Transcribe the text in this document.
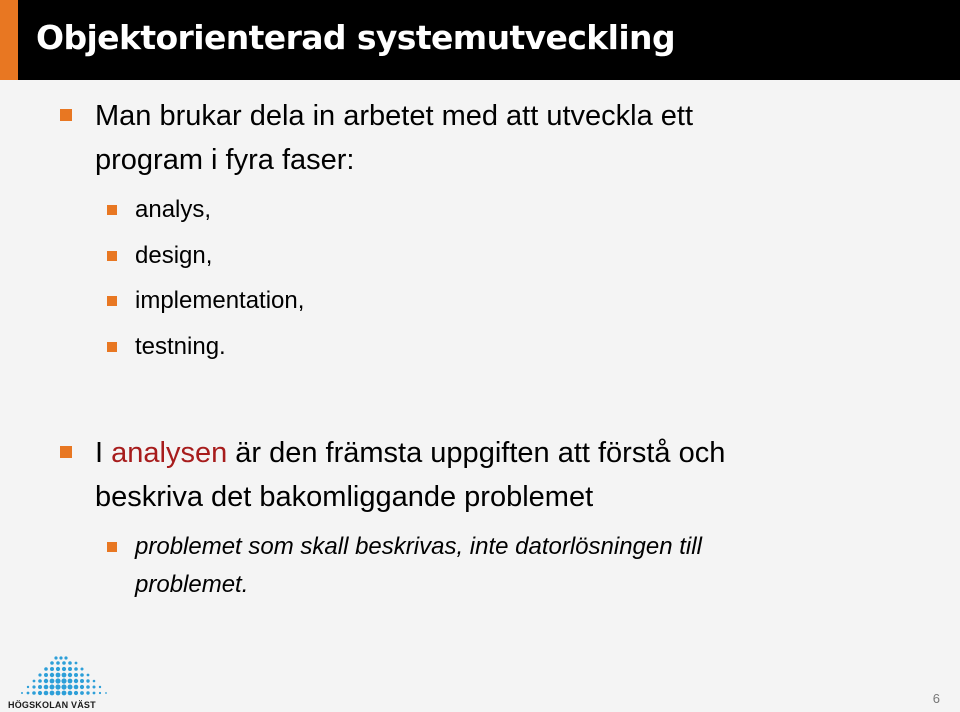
Objektorienterad systemutveckling
Man brukar dela in arbetet med att utveckla ett
program i fyra faser:
analys,
design,
implementation,
testning.
I analysen är den främsta uppgiften att förstå och
beskriva det bakomliggande problemet
problemet som skall beskrivas, inte datorlösningen till
problemet.
HÖGSKOLAN VÄST	6
